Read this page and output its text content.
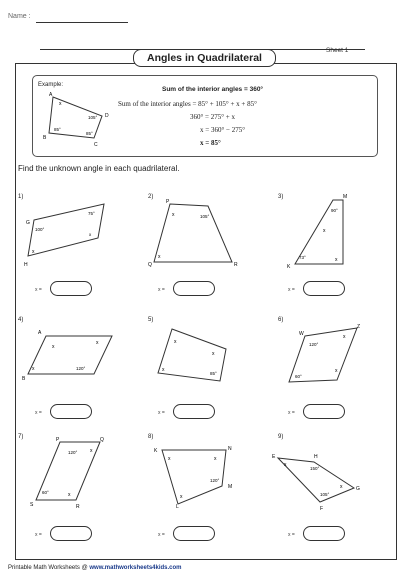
Name :
Sheet 1
Angles in Quadrilateral
Example:
A
B
C
D
85°
105°
85°
x
Sum of the interior angles = 360°
Sum of the interior angles = 85° + 105° + x + 85°
360° = 275° + x
x = 360° − 275°
x = 85°
Find the unknown angle in each quadrilateral.
1)
G
H
100°
75°
x
x
x =
2)
P
Q	R
105°
x
x
x =
3)	M
K
90°
x
x
73°
x =
4)
A
B
x
x
120°
x
x =
5)
x
x
85°
x
x =
6)
W
Z
120°
x
60°
x
x =
7)	P	Q
R
S
120°	x
x
60°
x =
8)
K	N
M
L
x	x
120°
x
x =
9)
E	H
F
G
x
150°
105°
x
x =
Printable Math Worksheets @ www.mathworksheets4kids.com
